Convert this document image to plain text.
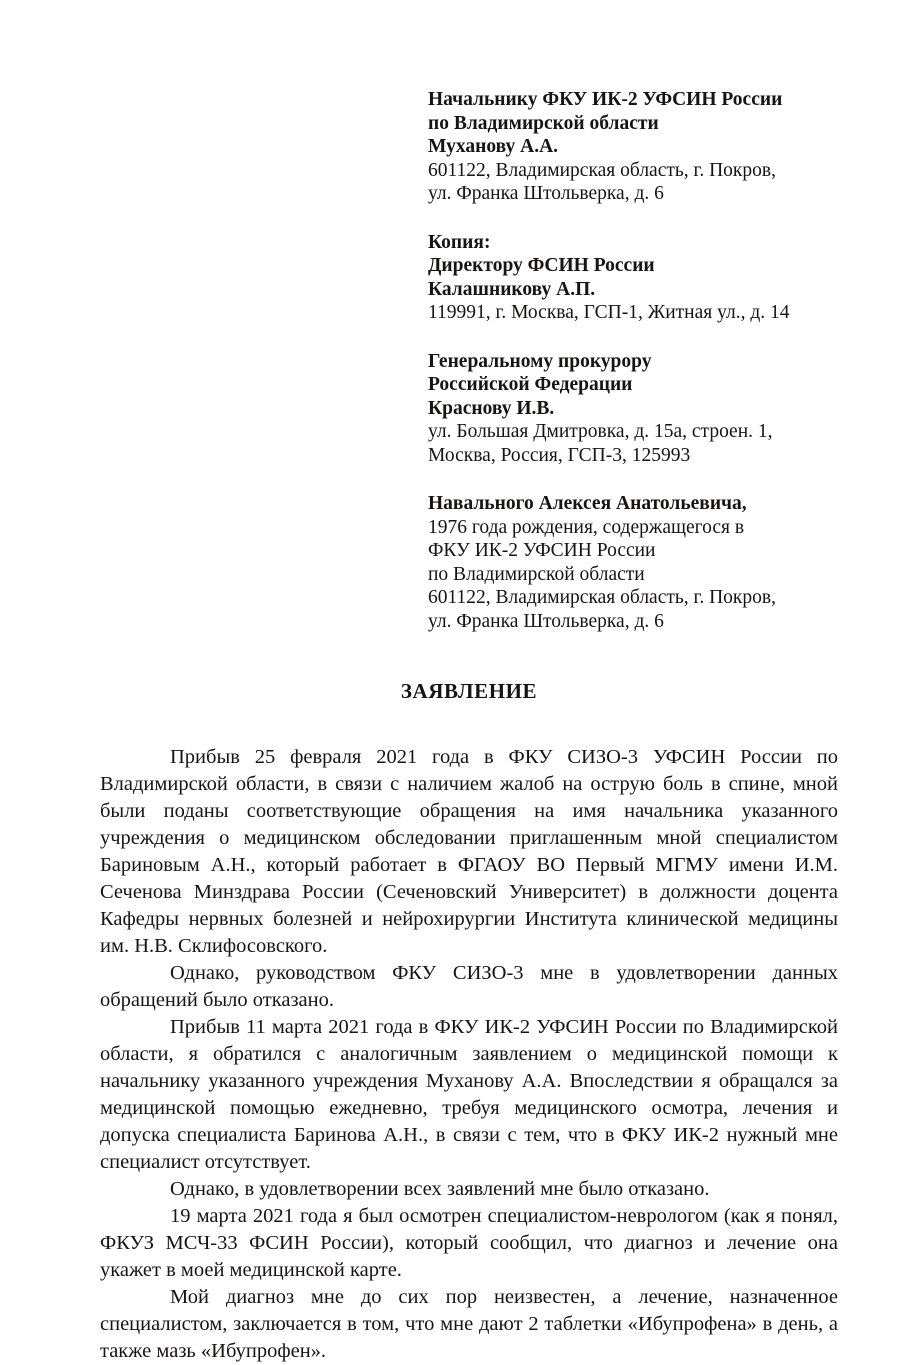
Начальнику ФКУ ИК-2 УФСИН России
по Владимирской области
Муханову А.А.
601122, Владимирская область, г. Покров,
ул. Франка Штольверка, д. 6
Копия:
Директору ФСИН России
Калашникову А.П.
119991, г. Москва, ГСП-1, Житная ул., д. 14
Генеральному прокурору
Российской Федерации
Краснову И.В.
ул. Большая Дмитровка, д. 15а, строен. 1,
Москва, Россия, ГСП-3, 125993
Навального Алексея Анатольевича,
1976 года рождения, содержащегося в
ФКУ ИК-2 УФСИН России
по Владимирской области
601122, Владимирская область, г. Покров,
ул. Франка Штольверка, д. 6
ЗАЯВЛЕНИЕ

Прибыв 25 февраля 2021 года в ФКУ СИЗО-3 УФСИН России по Владимирской области, в связи с наличием жалоб на острую боль в спине, мной были поданы соответствующие обращения на имя начальника указанного учреждения о медицинском обследовании приглашенным мной специалистом Бариновым А.Н., который работает в ФГАОУ ВО Первый МГМУ имени И.М. Сеченова Минздрава России (Сеченовский Университет) в должности доцента Кафедры нервных болезней и нейрохирургии Института клинической медицины им. Н.В. Склифосовского.

Однако, руководством ФКУ СИЗО-3 мне в удовлетворении данных обращений было отказано.

Прибыв 11 марта 2021 года в ФКУ ИК-2 УФСИН России по Владимирской области, я обратился с аналогичным заявлением о медицинской помощи к начальнику указанного учреждения Муханову А.А. Впоследствии я обращался за медицинской помощью ежедневно, требуя медицинского осмотра, лечения и допуска специалиста Баринова А.Н., в связи с тем, что в ФКУ ИК-2 нужный мне специалист отсутствует.

Однако, в удовлетворении всех заявлений мне было отказано.

19 марта 2021 года я был осмотрен специалистом-неврологом (как я понял, ФКУЗ МСЧ-33 ФСИН России), который сообщил, что диагноз и лечение она укажет в моей медицинской карте.

Мой диагноз мне до сих пор неизвестен, а лечение, назначенное специалистом, заключается в том, что мне дают 2 таблетки «Ибупрофена» в день, а также мазь «Ибупрофен».
